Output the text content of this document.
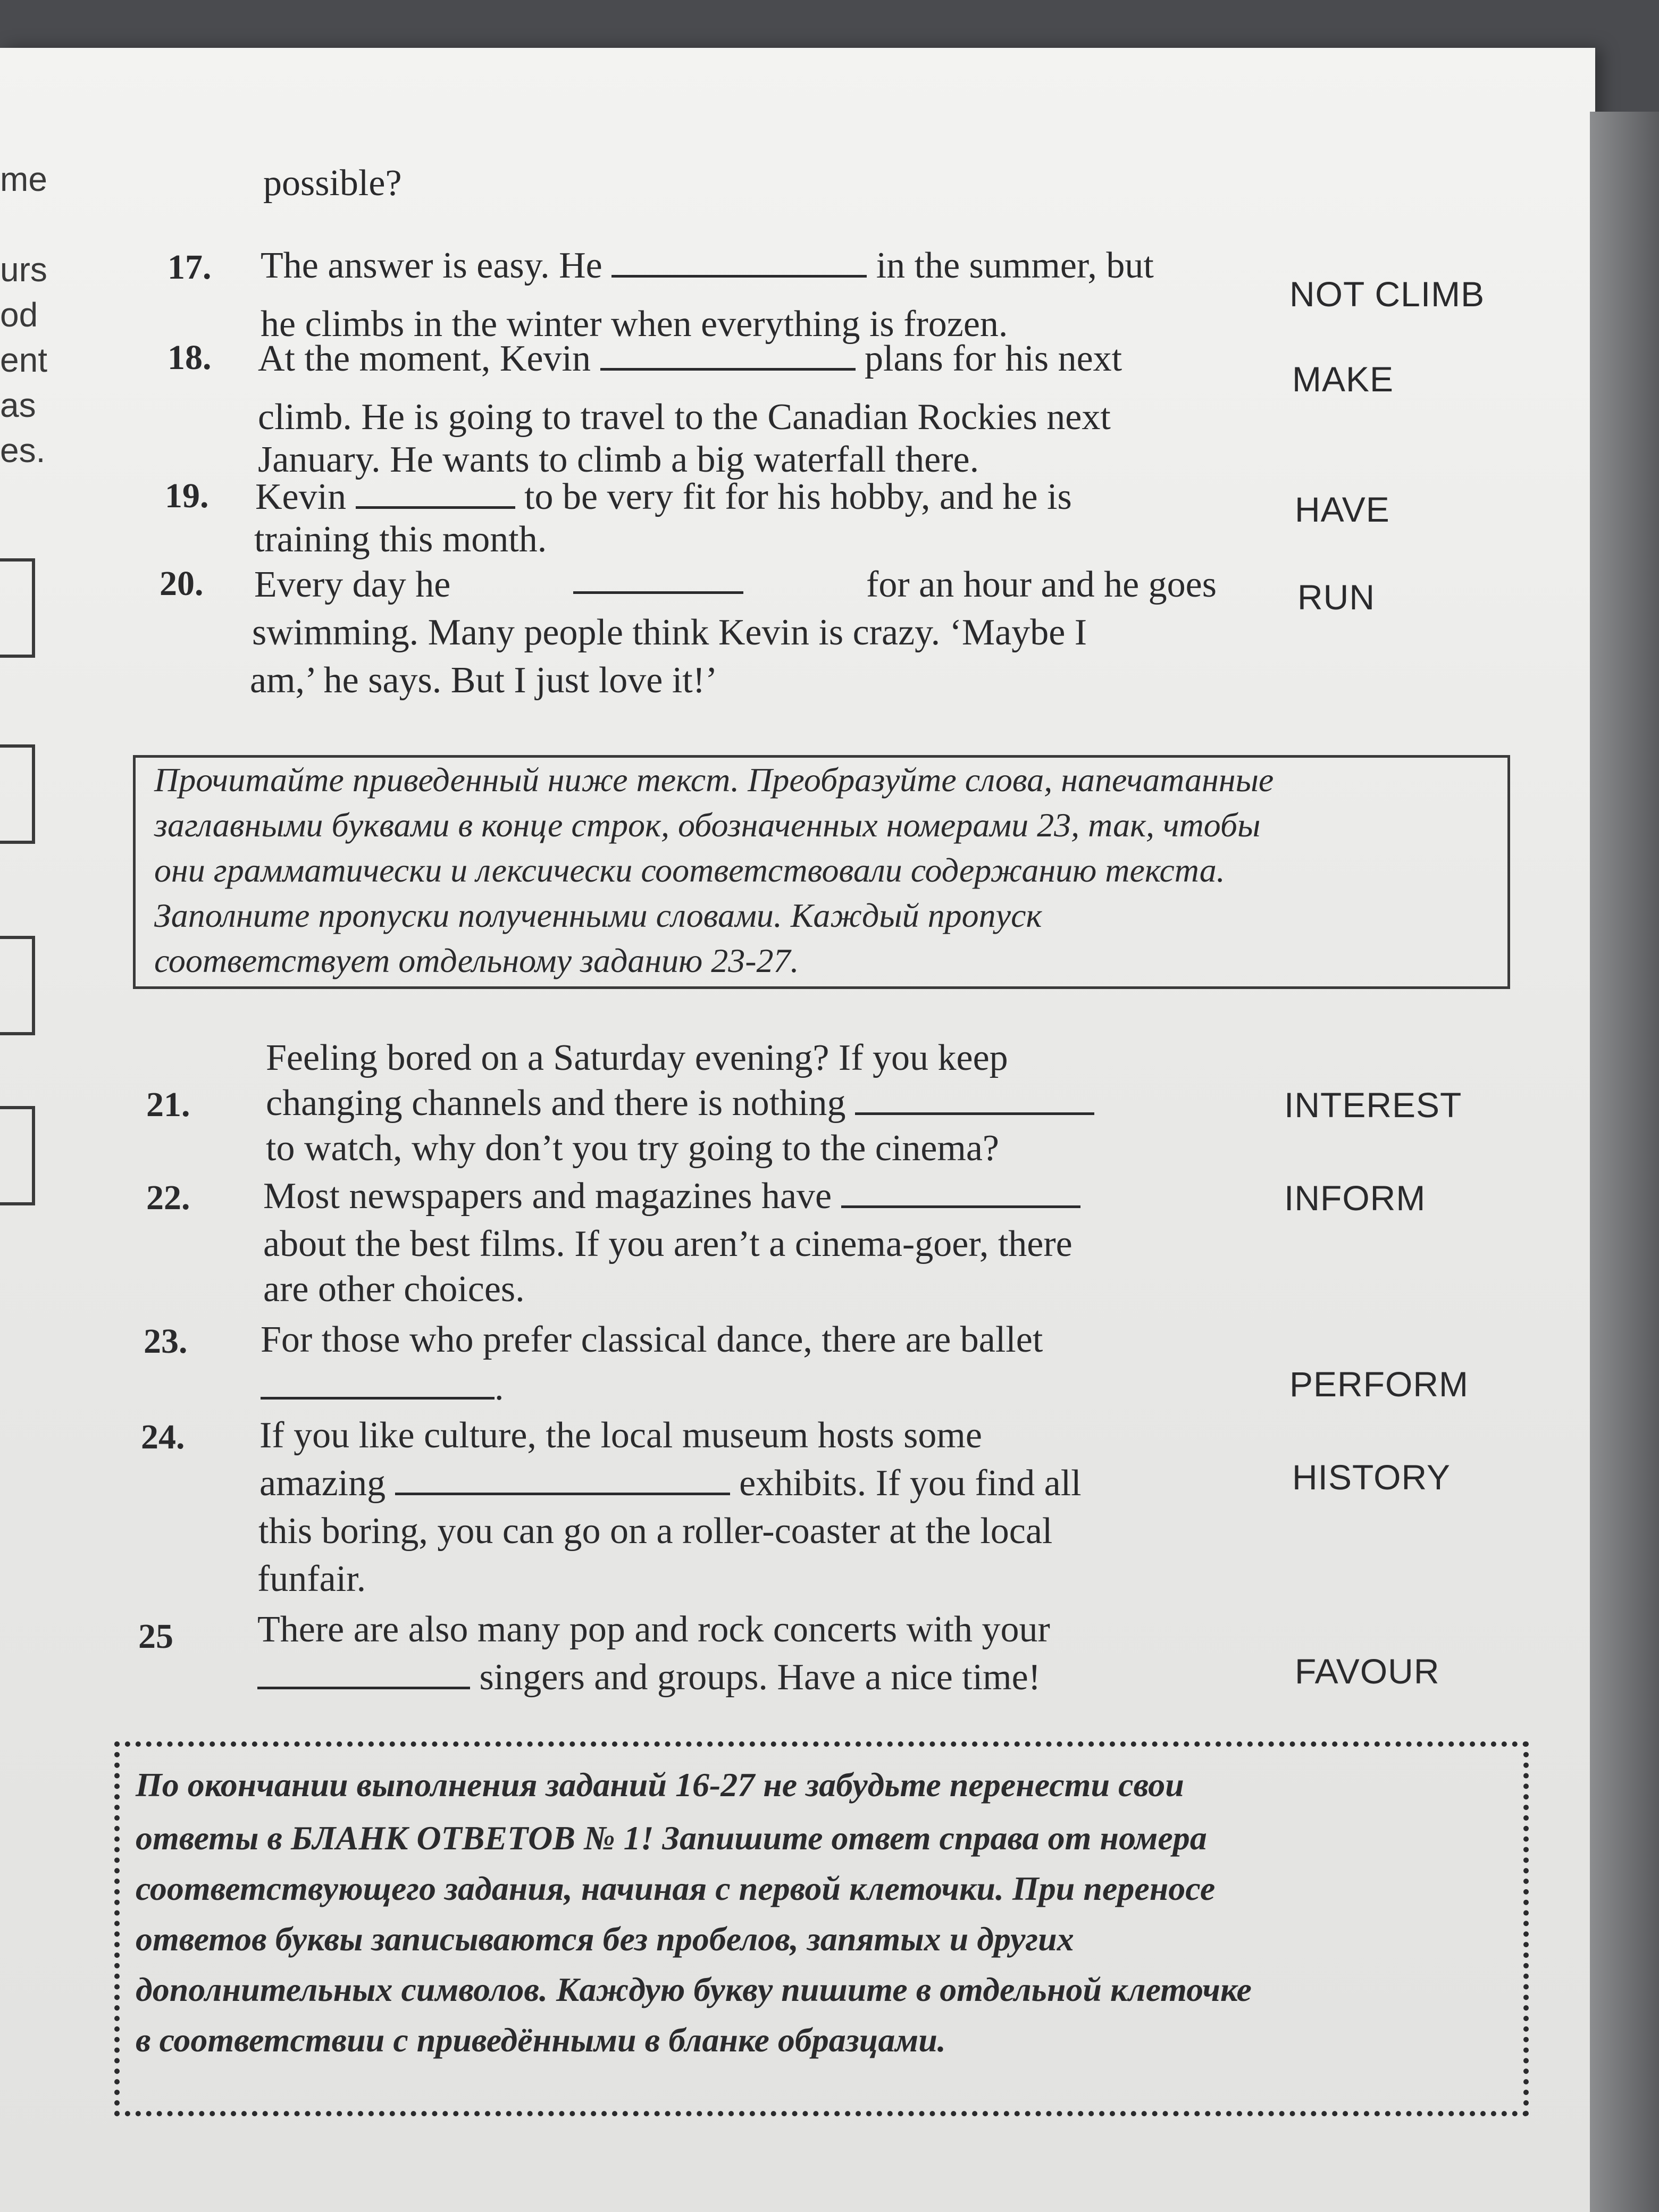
me
urs
od
ent
as
es.
possible?
17. The answer is easy. He	in the summer, but
he climbs in the winter when everything is frozen.
NOT CLIMB
18. At the moment, Kevin	plans for his next
climb. He is going to travel to the Canadian Rockies next
January. He wants to climb a big waterfall there.
MAKE
19. Kevin	to be very fit for his hobby, and he is
training this month.
HAVE
20. Every day he	for an hour and he goes
swimming. Many people think Kevin is crazy. ‘Maybe I
am,’ he says. But I just love it!’
RUN
Прочитайте приведенный ниже текст. Преобразуйте слова, напечатанные
заглавными буквами в конце строк, обозначенных номерами 23, так, чтобы
они грамматически и лексически соответствовали содержанию текста.
Заполните пропуски полученными словами. Каждый пропуск
соответствует отдельному заданию 23-27.
Feeling bored on a Saturday evening? If you keep
21. changing channels and there is nothing
to watch, why don’t you try going to the cinema?
INTEREST
22. Most newspapers and magazines have
about the best films. If you aren’t a cinema-goer, there
are other choices.
INFORM
23. For those who prefer classical dance, there are ballet
.	PERFORM
24. If you like culture, the local museum hosts some
amazing	exhibits. If you find all
this boring, you can go on a roller-coaster at the local
funfair.
HISTORY
25 There are also many pop and rock concerts with your
singers and groups. Have a nice time!	FAVOUR
По окончании выполнения заданий 16-27 не забудьте перенести свои
ответы в БЛАНК ОТВЕТОВ № 1! Запишите ответ справа от номера
соответствующего задания, начиная с первой клеточки. При переносе
ответов буквы записываются без пробелов, запятых и других
дополнительных символов. Каждую букву пишите в отдельной клеточке
в соответствии с приведёнными в бланке образцами.
